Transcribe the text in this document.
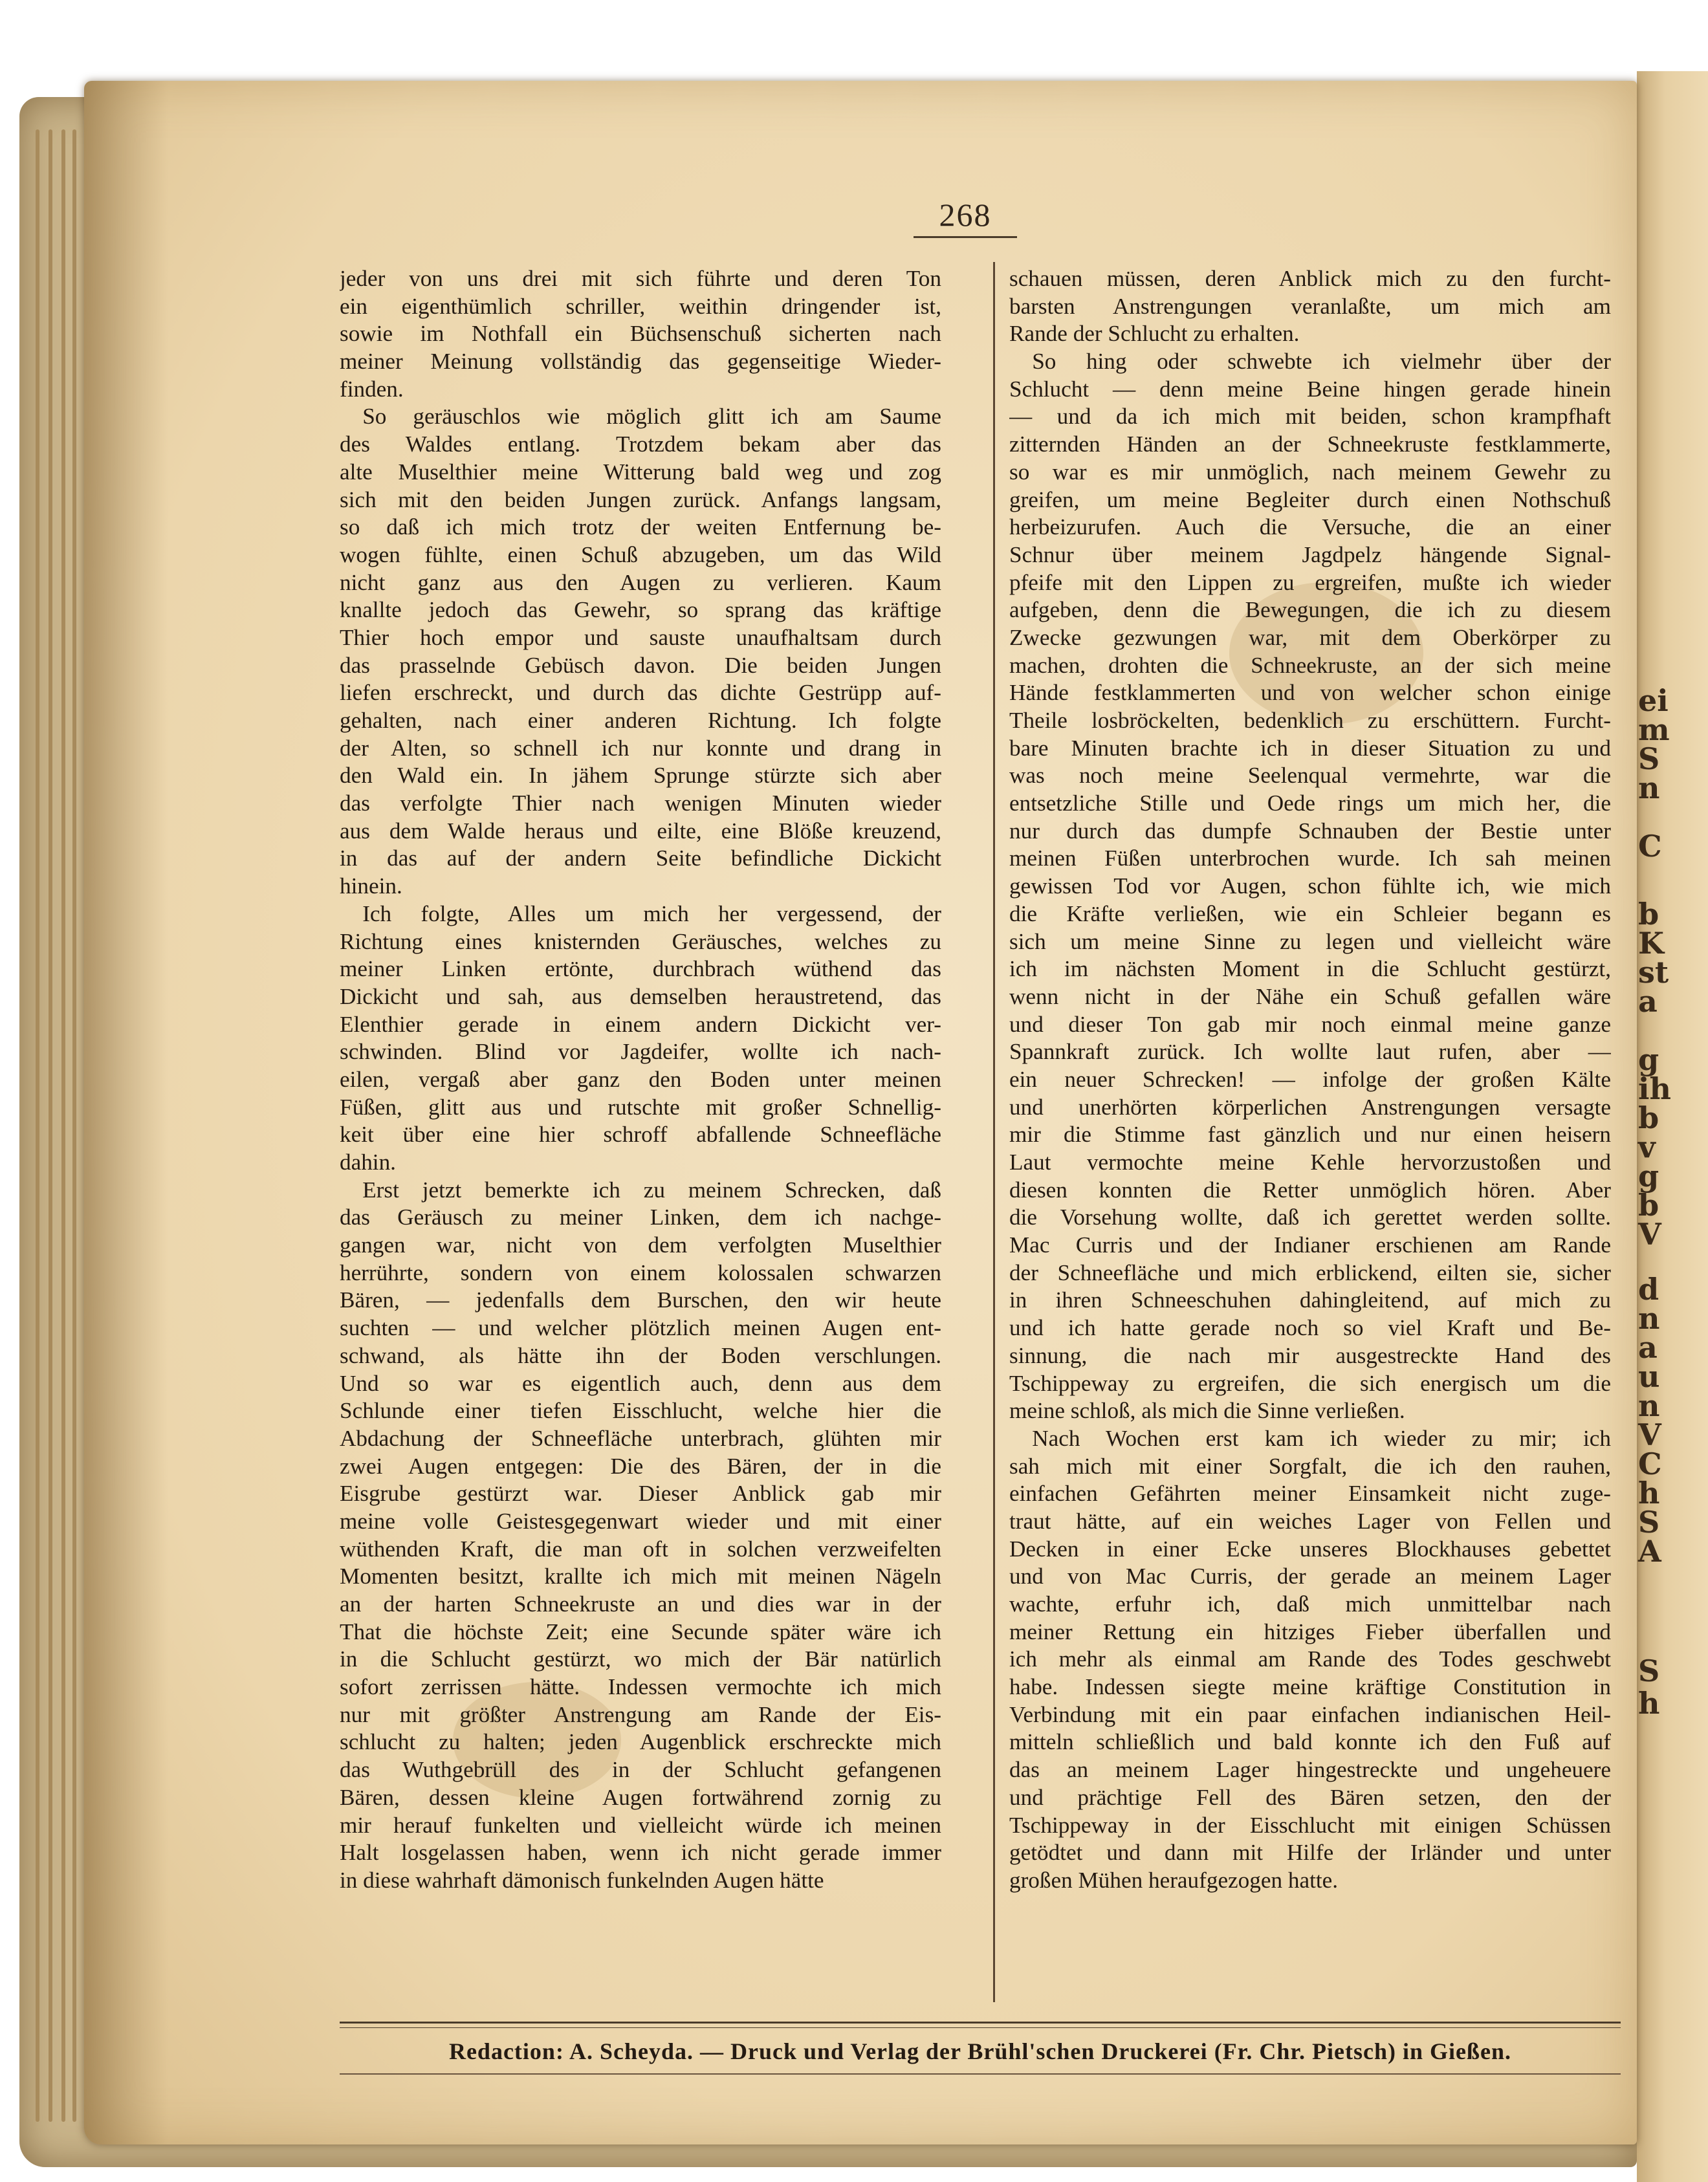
ei
m
S
n
C
b
K
st
a
g
ih
b
v
g
b
V
d
n
a
u
n
V
C
h
S
A
S
h
268
jeder von uns drei mit sich führte und deren Ton
ein eigenthümlich schriller, weithin dringender ist,
sowie im Nothfall ein Büchsenschuß sicherten nach
meiner Meinung vollständig das gegenseitige Wieder-
finden.
 So geräuschlos wie möglich glitt ich am Saume
des Waldes entlang. Trotzdem bekam aber das
alte Muselthier meine Witterung bald weg und zog
sich mit den beiden Jungen zurück. Anfangs langsam,
so daß ich mich trotz der weiten Entfernung be-
wogen fühlte, einen Schuß abzugeben, um das Wild
nicht ganz aus den Augen zu verlieren. Kaum
knallte jedoch das Gewehr, so sprang das kräftige
Thier hoch empor und sauste unaufhaltsam durch
das prasselnde Gebüsch davon. Die beiden Jungen
liefen erschreckt, und durch das dichte Gestrüpp auf-
gehalten, nach einer anderen Richtung. Ich folgte
der Alten, so schnell ich nur konnte und drang in
den Wald ein. In jähem Sprunge stürzte sich aber
das verfolgte Thier nach wenigen Minuten wieder
aus dem Walde heraus und eilte, eine Blöße kreuzend,
in das auf der andern Seite befindliche Dickicht
hinein.
 Ich folgte, Alles um mich her vergessend, der
Richtung eines knisternden Geräusches, welches zu
meiner Linken ertönte, durchbrach wüthend das
Dickicht und sah, aus demselben heraustretend, das
Elenthier gerade in einem andern Dickicht ver-
schwinden. Blind vor Jagdeifer, wollte ich nach-
eilen, vergaß aber ganz den Boden unter meinen
Füßen, glitt aus und rutschte mit großer Schnellig-
keit über eine hier schroff abfallende Schneefläche
dahin.
 Erst jetzt bemerkte ich zu meinem Schrecken, daß
das Geräusch zu meiner Linken, dem ich nachge-
gangen war, nicht von dem verfolgten Muselthier
herrührte, sondern von einem kolossalen schwarzen
Bären, — jedenfalls dem Burschen, den wir heute
suchten — und welcher plötzlich meinen Augen ent-
schwand, als hätte ihn der Boden verschlungen.
Und so war es eigentlich auch, denn aus dem
Schlunde einer tiefen Eisschlucht, welche hier die
Abdachung der Schneefläche unterbrach, glühten mir
zwei Augen entgegen: Die des Bären, der in die
Eisgrube gestürzt war. Dieser Anblick gab mir
meine volle Geistesgegenwart wieder und mit einer
wüthenden Kraft, die man oft in solchen verzweifelten
Momenten besitzt, krallte ich mich mit meinen Nägeln
an der harten Schneekruste an und dies war in der
That die höchste Zeit; eine Secunde später wäre ich
in die Schlucht gestürzt, wo mich der Bär natürlich
sofort zerrissen hätte. Indessen vermochte ich mich
nur mit größter Anstrengung am Rande der Eis-
schlucht zu halten; jeden Augenblick erschreckte mich
das Wuthgebrüll des in der Schlucht gefangenen
Bären, dessen kleine Augen fortwährend zornig zu
mir herauf funkelten und vielleicht würde ich meinen
Halt losgelassen haben, wenn ich nicht gerade immer
in diese wahrhaft dämonisch funkelnden Augen hätte
schauen müssen, deren Anblick mich zu den furcht-
barsten Anstrengungen veranlaßte, um mich am
Rande der Schlucht zu erhalten.
 So hing oder schwebte ich vielmehr über der
Schlucht — denn meine Beine hingen gerade hinein
— und da ich mich mit beiden, schon krampfhaft
zitternden Händen an der Schneekruste festklammerte,
so war es mir unmöglich, nach meinem Gewehr zu
greifen, um meine Begleiter durch einen Nothschuß
herbeizurufen. Auch die Versuche, die an einer
Schnur über meinem Jagdpelz hängende Signal-
pfeife mit den Lippen zu ergreifen, mußte ich wieder
aufgeben, denn die Bewegungen, die ich zu diesem
Zwecke gezwungen war, mit dem Oberkörper zu
machen, drohten die Schneekruste, an der sich meine
Hände festklammerten und von welcher schon einige
Theile losbröckelten, bedenklich zu erschüttern. Furcht-
bare Minuten brachte ich in dieser Situation zu und
was noch meine Seelenqual vermehrte, war die
entsetzliche Stille und Oede rings um mich her, die
nur durch das dumpfe Schnauben der Bestie unter
meinen Füßen unterbrochen wurde. Ich sah meinen
gewissen Tod vor Augen, schon fühlte ich, wie mich
die Kräfte verließen, wie ein Schleier begann es
sich um meine Sinne zu legen und vielleicht wäre
ich im nächsten Moment in die Schlucht gestürzt,
wenn nicht in der Nähe ein Schuß gefallen wäre
und dieser Ton gab mir noch einmal meine ganze
Spannkraft zurück. Ich wollte laut rufen, aber —
ein neuer Schrecken! — infolge der großen Kälte
und unerhörten körperlichen Anstrengungen versagte
mir die Stimme fast gänzlich und nur einen heisern
Laut vermochte meine Kehle hervorzustoßen und
diesen konnten die Retter unmöglich hören. Aber
die Vorsehung wollte, daß ich gerettet werden sollte.
Mac Curris und der Indianer erschienen am Rande
der Schneefläche und mich erblickend, eilten sie, sicher
in ihren Schneeschuhen dahingleitend, auf mich zu
und ich hatte gerade noch so viel Kraft und Be-
sinnung, die nach mir ausgestreckte Hand des
Tschippeway zu ergreifen, die sich energisch um die
meine schloß, als mich die Sinne verließen.
 Nach Wochen erst kam ich wieder zu mir; ich
sah mich mit einer Sorgfalt, die ich den rauhen,
einfachen Gefährten meiner Einsamkeit nicht zuge-
traut hätte, auf ein weiches Lager von Fellen und
Decken in einer Ecke unseres Blockhauses gebettet
und von Mac Curris, der gerade an meinem Lager
wachte, erfuhr ich, daß mich unmittelbar nach
meiner Rettung ein hitziges Fieber überfallen und
ich mehr als einmal am Rande des Todes geschwebt
habe. Indessen siegte meine kräftige Constitution in
Verbindung mit ein paar einfachen indianischen Heil-
mitteln schließlich und bald konnte ich den Fuß auf
das an meinem Lager hingestreckte und ungeheuere
und prächtige Fell des Bären setzen, den der
Tschippeway in der Eisschlucht mit einigen Schüssen
getödtet und dann mit Hilfe der Irländer und unter
großen Mühen heraufgezogen hatte.
Redaction: A. Scheyda. — Druck und Verlag der Brühl'schen Druckerei (Fr. Chr. Pietsch) in Gießen.
